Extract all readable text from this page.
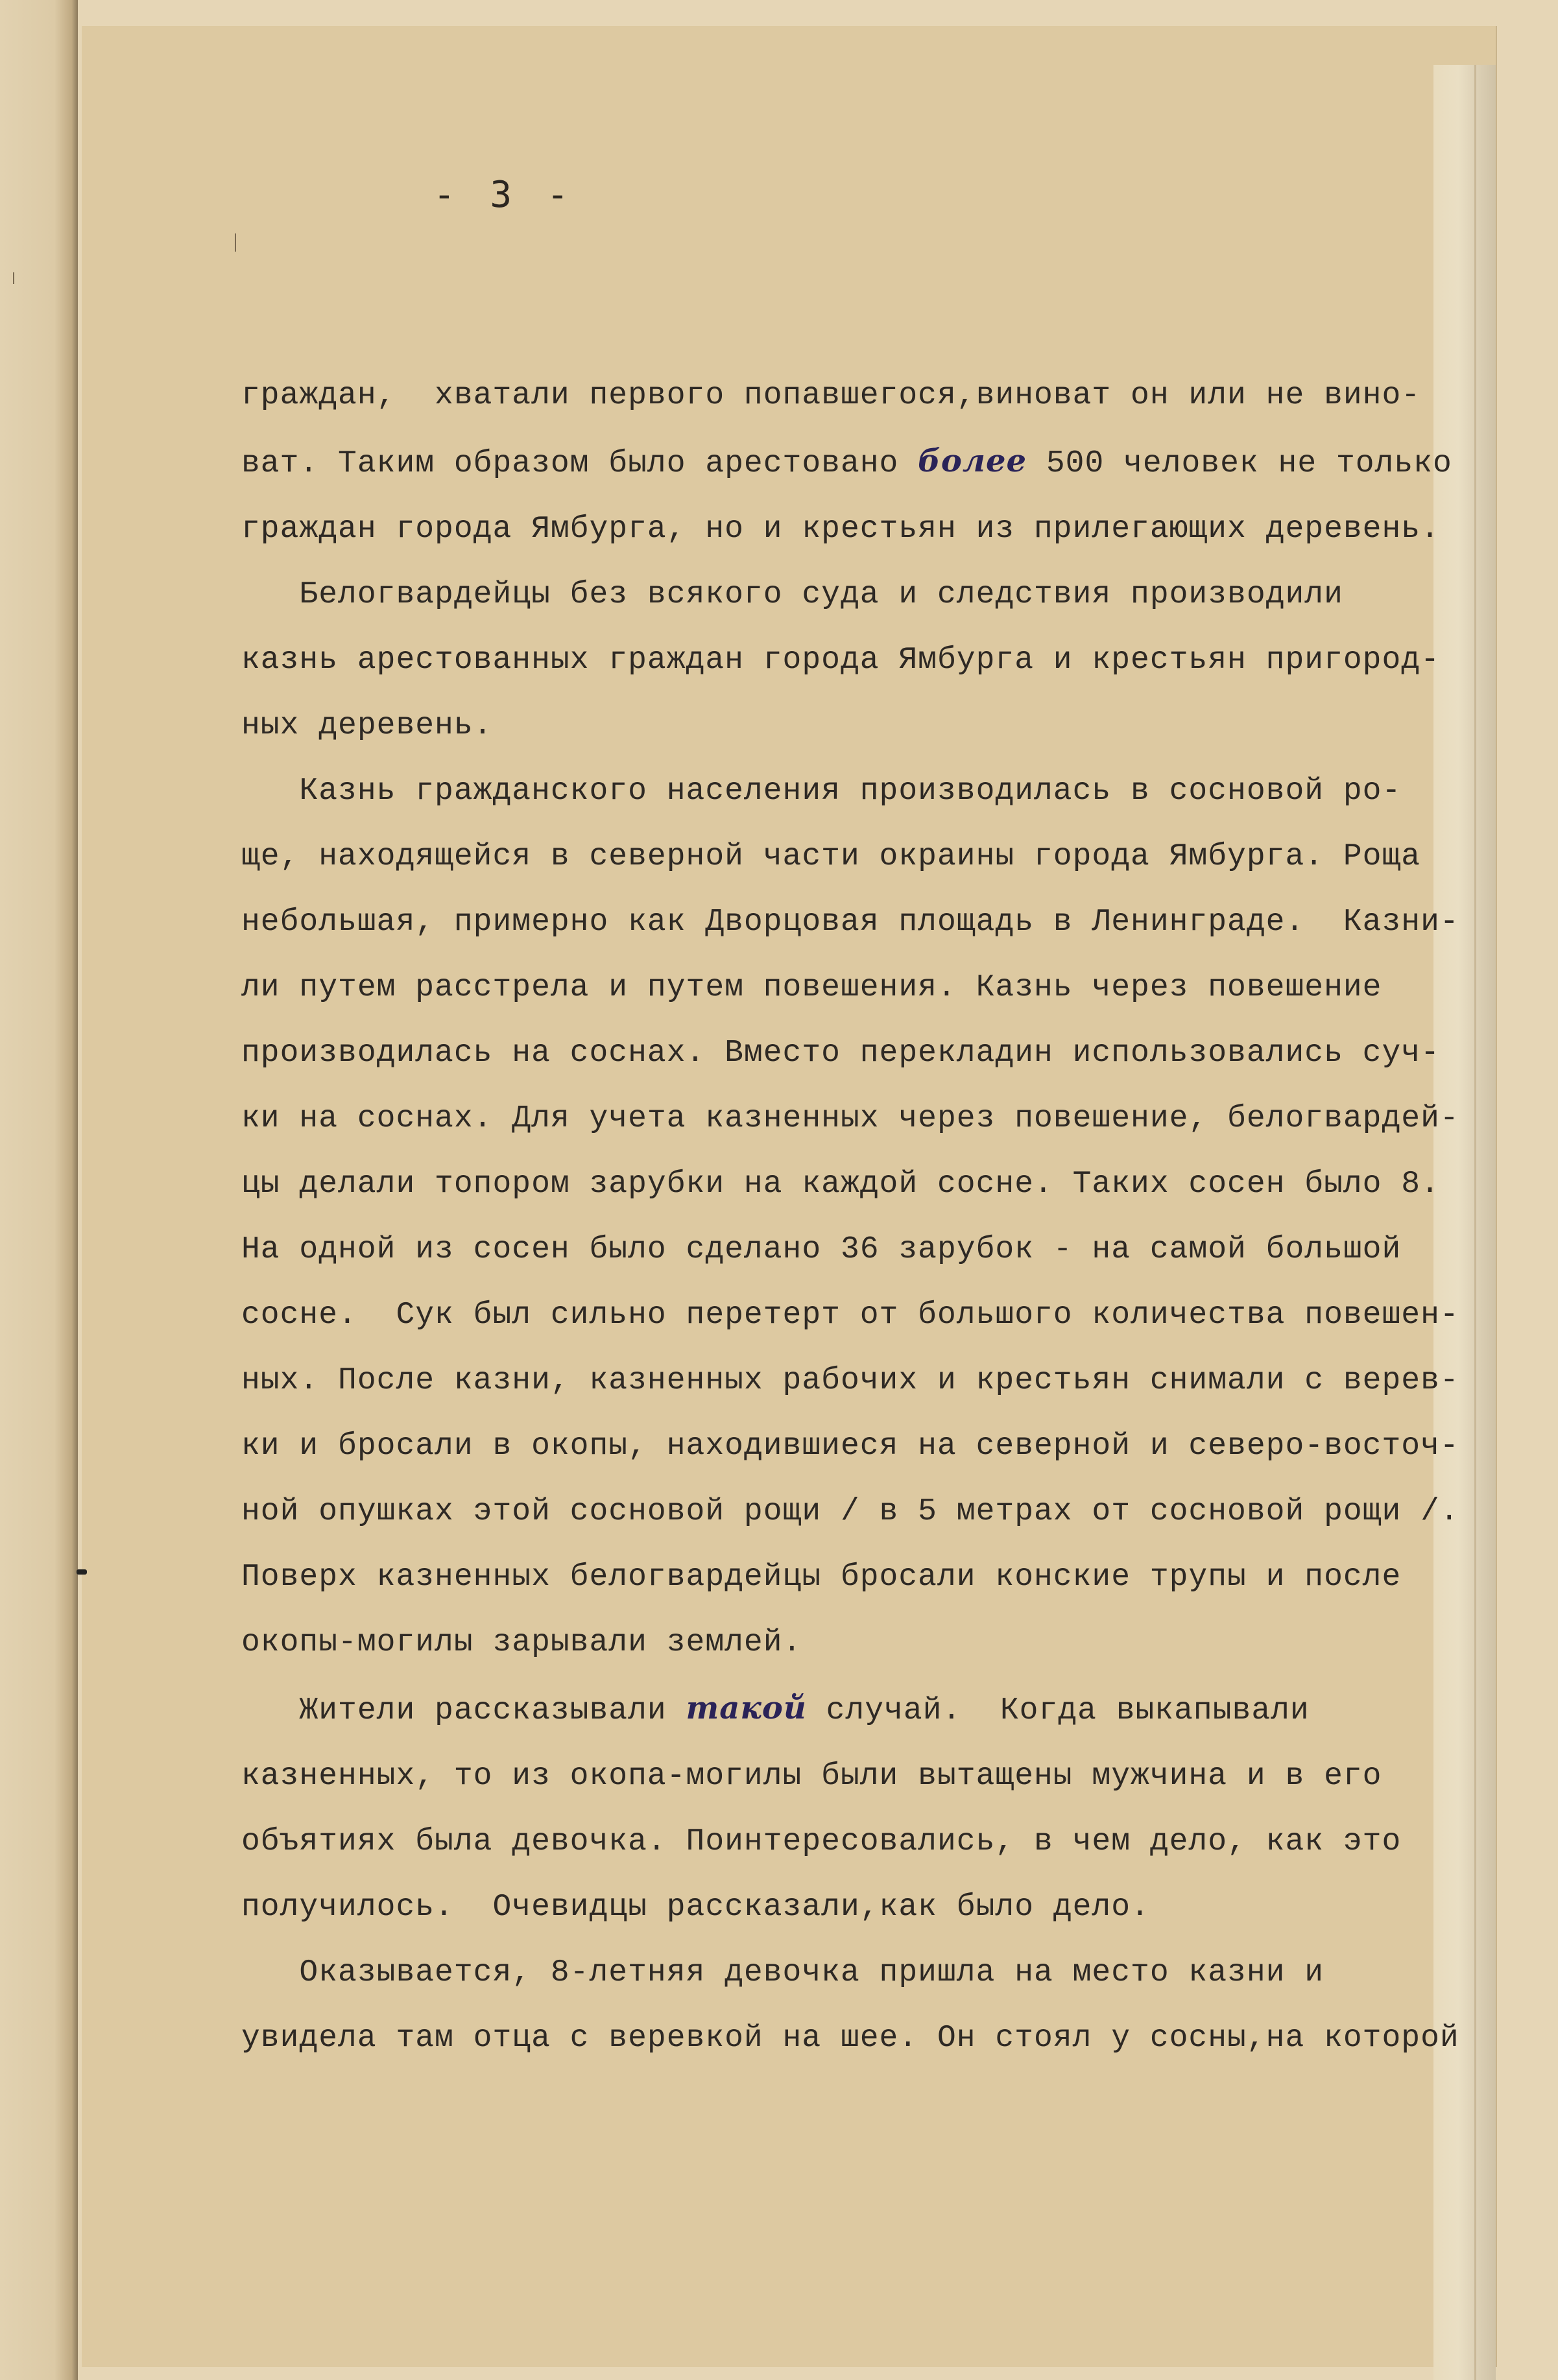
- 3 -

граждан,  хватали первого попавшегося,виноват он или не вино-

ват. Таким образом было арестовано более 500 человек не только

граждан города Ямбурга, но и крестьян из прилегающих деревень.

Белогвардейцы без всякого суда и следствия производили

казнь арестованных граждан города Ямбурга и крестьян пригород-

ных деревень.

Казнь гражданского населения производилась в сосновой ро-

ще, находящейся в северной части окраины города Ямбурга. Роща

небольшая, примерно как Дворцовая площадь в Ленинграде.  Казни-

ли путем расстрела и путем повешения. Казнь через повешение

производилась на соснах. Вместо перекладин использовались суч-

ки на соснах. Для учета казненных через повешение, белогвардей-

цы делали топором зарубки на каждой сосне. Таких сосен было 8.

На одной из сосен было сделано 36 зарубок - на самой большой

сосне.  Сук был сильно перетерт от большого количества повешен-

ных. После казни, казненных рабочих и крестьян снимали с верев-

ки и бросали в окопы, находившиеся на северной и северо-восточ-

ной опушках этой сосновой рощи / в 5 метрах от сосновой рощи /.

Поверх казненных белогвардейцы бросали конские трупы и после

окопы-могилы зарывали землей.

Жители рассказывали такой случай.  Когда выкапывали

казненных, то из окопа-могилы были вытащены мужчина и в его

объятиях была девочка. Поинтересовались, в чем дело, как это

получилось.  Очевидцы рассказали,как было дело.

Оказывается, 8-летняя девочка пришла на место казни и

увидела там отца с веревкой на шее. Он стоял у сосны,на которой
